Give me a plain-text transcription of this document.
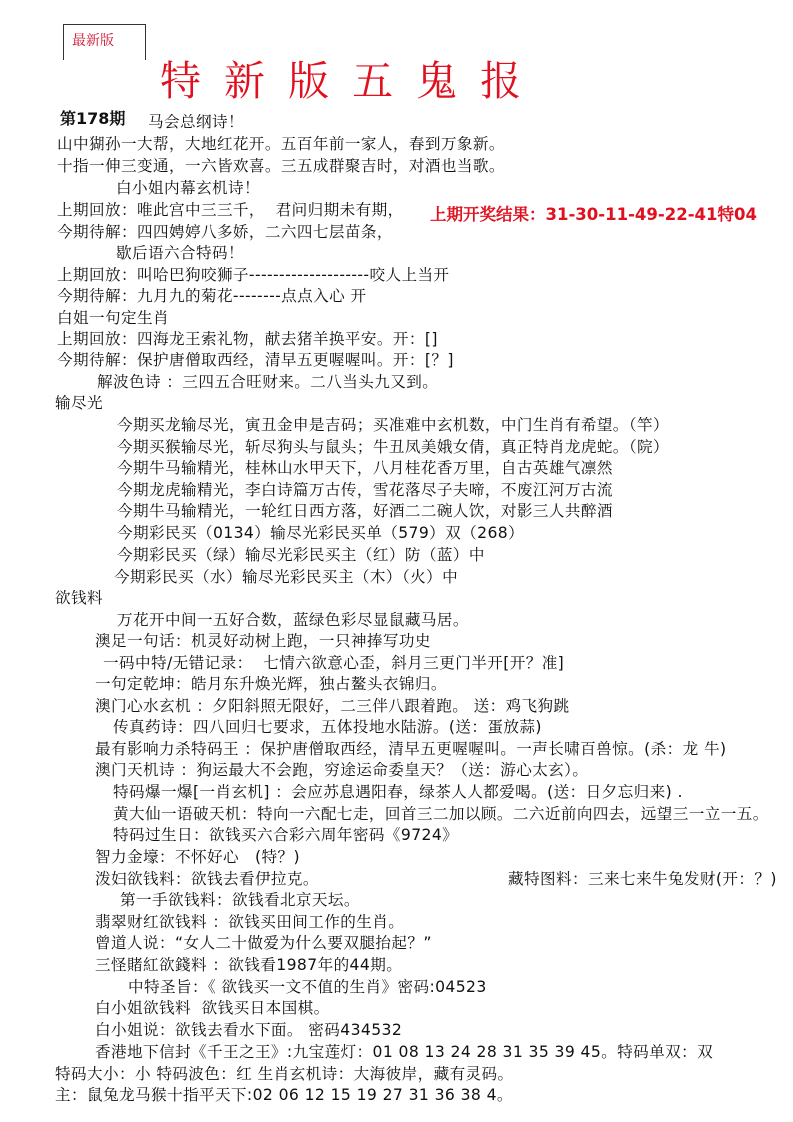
最新版
特 新 版 五 鬼 报
第178期
上期开奖结果：31-30-11-49-22-41特04
马会总纲诗！
山中猢孙一大帮，大地红花开。五百年前一家人，春到万象新。
十指一伸三变通，一六皆欢喜。三五成群聚吉时，对酒也当歌。
白小姐内幕玄机诗！
上期回放：唯此宫中三三千，  君问归期未有期，
今期待解：四四娉婷八多娇，二六四七层苗条，
歇后语六合特码！
上期回放：叫哈巴狗咬狮子--------------------咬人上当开
今期待解：九月九的菊花--------点点入心 开
白姐一句定生肖
上期回放：四海龙王索礼物，献去猪羊换平安。开：[]
今期待解：保护唐僧取西经，清早五更喔喔叫。开：[？]
解波色诗 ：三四五合旺财来。二八当头九又到。
输尽光
今期买龙输尽光，寅丑金申是吉码；买准难中玄机数，中门生肖有希望。（竿）
今期买猴输尽光，斩尽狗头与鼠头；牛丑凤美娥女倩，真正特肖龙虎蛇。（院）
今期牛马输精光，桂林山水甲天下，八月桂花香万里，自古英雄气凛然
今期龙虎输精光，李白诗篇万古传，雪花落尽子夫啼，不废江河万古流
今期牛马输精光，一轮红日西方落，好酒二二碗人饮，对影三人共醉酒
今期彩民买（0134）输尽光彩民买单（579）双（268）
今期彩民买（绿）输尽光彩民买主（红）防（蓝）中
今期彩民买（水）输尽光彩民买主（木）（火）中
欲钱料
万花开中间一五好合数，蓝绿色彩尽显鼠藏马居。
澳足一句话：机灵好动树上跑，一只神捧写功史
一码中特/无错记录：  七情六欲意心歪，斜月三更门半开[开？准]
一句定乾坤：皓月东升焕光辉，独占鳌头衣锦归。
澳门心水玄机 ：夕阳斜照无限好，二三伴八跟着跑。 送：鸡飞狗跳
传真药诗：四八回归七要求，五体投地水陆游。(送：蛋放蒜)
最有影响力杀特码王 ：保护唐僧取西经，清早五更喔喔叫。一声长啸百兽惊。(杀：龙 牛)
澳门天机诗 ：狗运最大不会跑，穷途运命委皇天？（送：游心太玄）。
特码爆一爆[一肖玄机] ：会应苏息遇阳春，绿茶人人都爱喝。(送：日夕忘归来) .
黄大仙一语破天机：特向一六配七走，回首三二加以顾。二六近前向四去，远望三一立一五。
特码过生日：欲钱买六合彩六周年密码《9724》
智力金壕：不怀好心   (特？)
泼妇欲钱料：欲钱去看伊拉克。	藏特图料：三来七来牛兔发财(开：？)
第一手欲钱料：欲钱看北京天坛。
翡翠财红欲钱料 ：欲钱买田间工作的生肖。
曾道人说：“女人二十做爱为什么要双腿抬起？”
三怪賭紅欲錢料 ：欲钱看1987年的44期。
中特圣旨：《 欲钱买一文不值的生肖》密码:04523
白小姐欲钱料  欲钱买日本国棋。
白小姐说：欲钱去看水下面。 密码434532
香港地下信封《千王之王》:九宝莲灯：01 08 13 24 28 31 35 39 45。特码单双：双
特码大小：小 特码波色：红 生肖玄机诗：大海彼岸，藏有灵码。
主：鼠兔龙马猴十指平天下:02 06 12 15 19 27 31 36 38 4。
